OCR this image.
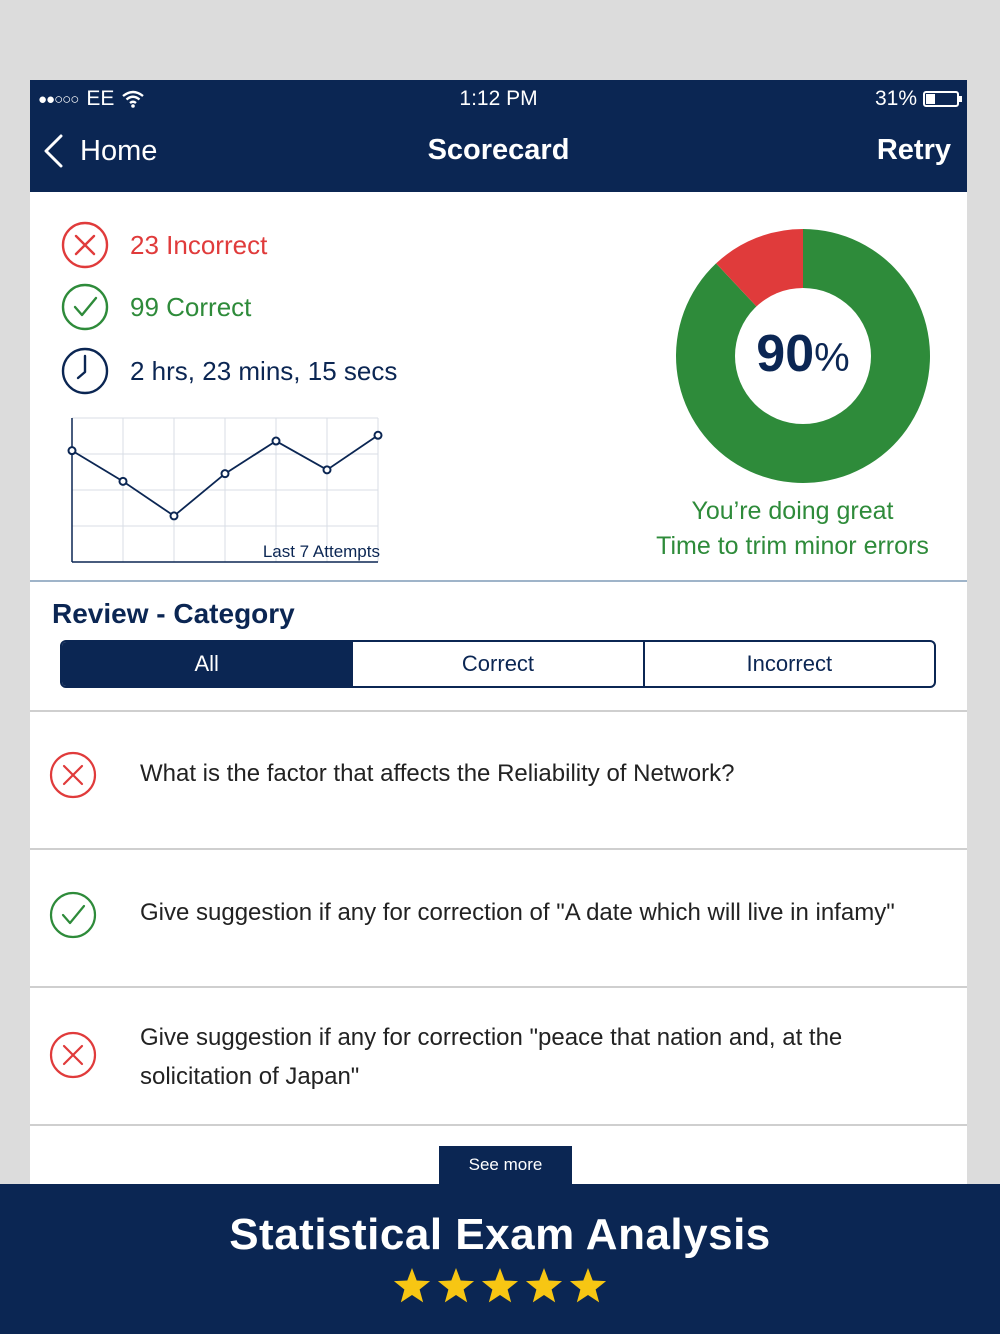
●●○○○ EE	1:12 PM	31%
Home	Scorecard	Retry
23 Incorrect
99 Correct
2 hrs, 23 mins, 15 secs
Last 7 Attempts
90%
You’re doing great
Time to trim minor errors
Review - Category
All	Correct	Incorrect
What is the factor that affects the Reliability of Network?
Give suggestion if any for correction of "A date which will live in infamy"
Give suggestion if any for correction "peace that nation and, at the solicitation of Japan"
See more
Statistical Exam Analysis
